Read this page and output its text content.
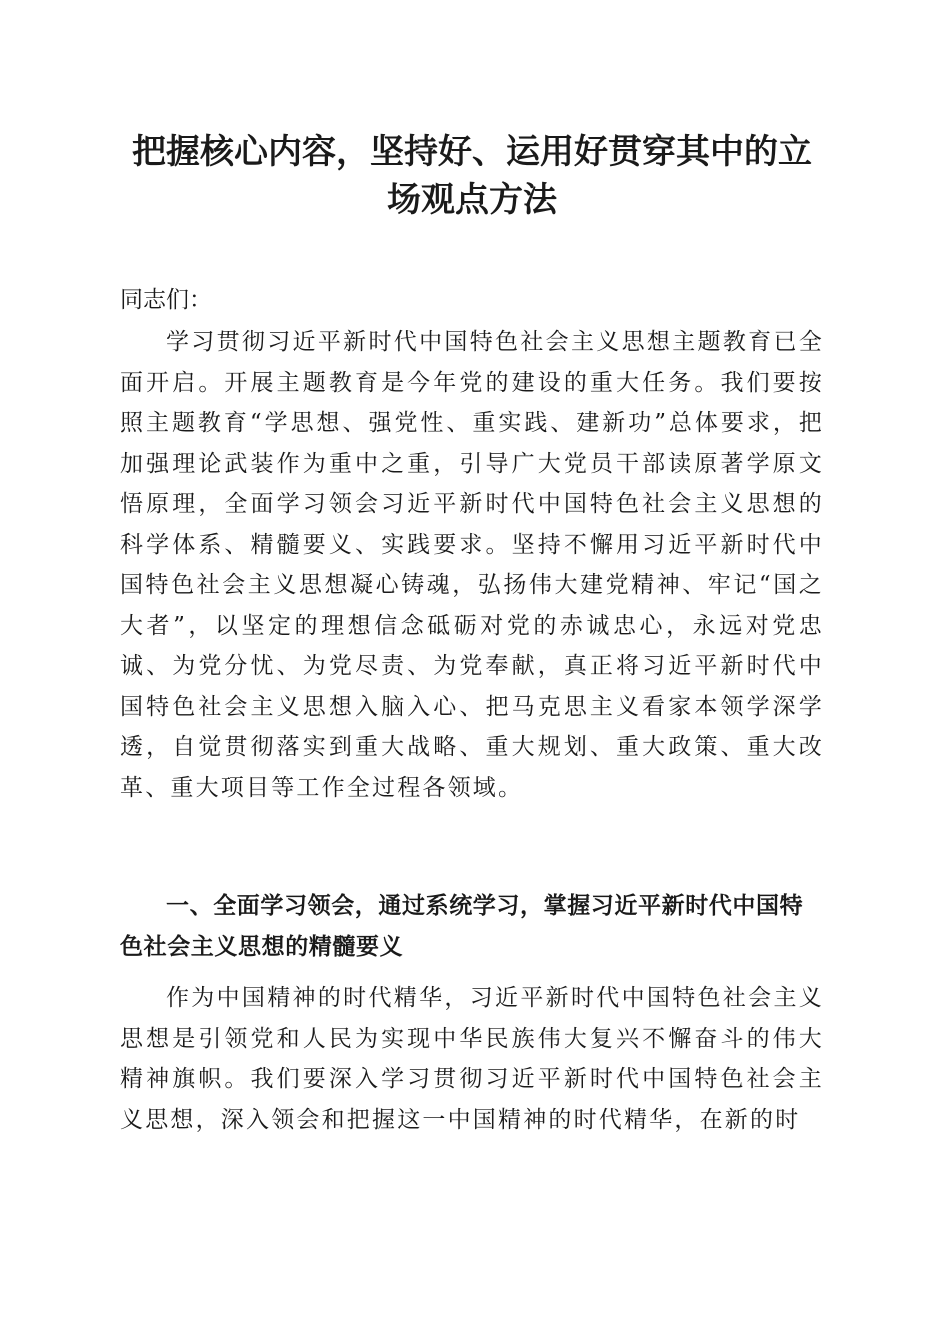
把握核心内容，坚持好、运用好贯穿其中的立
场观点方法

同志们：

学习贯彻习近平新时代中国特色社会主义思想主题教育已全面开启。开展主题教育是今年党的建设的重大任务。我们要按照主题教育“学思想、强党性、重实践、建新功”总体要求，把加强理论武装作为重中之重，引导广大党员干部读原著学原文悟原理，全面学习领会习近平新时代中国特色社会主义思想的科学体系、精髓要义、实践要求。坚持不懈用习近平新时代中国特色社会主义思想凝心铸魂，弘扬伟大建党精神、牢记“国之大者”，以坚定的理想信念砥砺对党的赤诚忠心，永远对党忠诚、为党分忧、为党尽责、为党奉献，真正将习近平新时代中国特色社会主义思想入脑入心、把马克思主义看家本领学深学透，自觉贯彻落实到重大战略、重大规划、重大政策、重大改革、重大项目等工作全过程各领域。

一、全面学习领会，通过系统学习，掌握习近平新时代中国特色社会主义思想的精髓要义

作为中国精神的时代精华，习近平新时代中国特色社会主义思想是引领党和人民为实现中华民族伟大复兴不懈奋斗的伟大精神旗帜。我们要深入学习贯彻习近平新时代中国特色社会主义思想，深入领会和把握这一中国精神的时代精华，在新的时
